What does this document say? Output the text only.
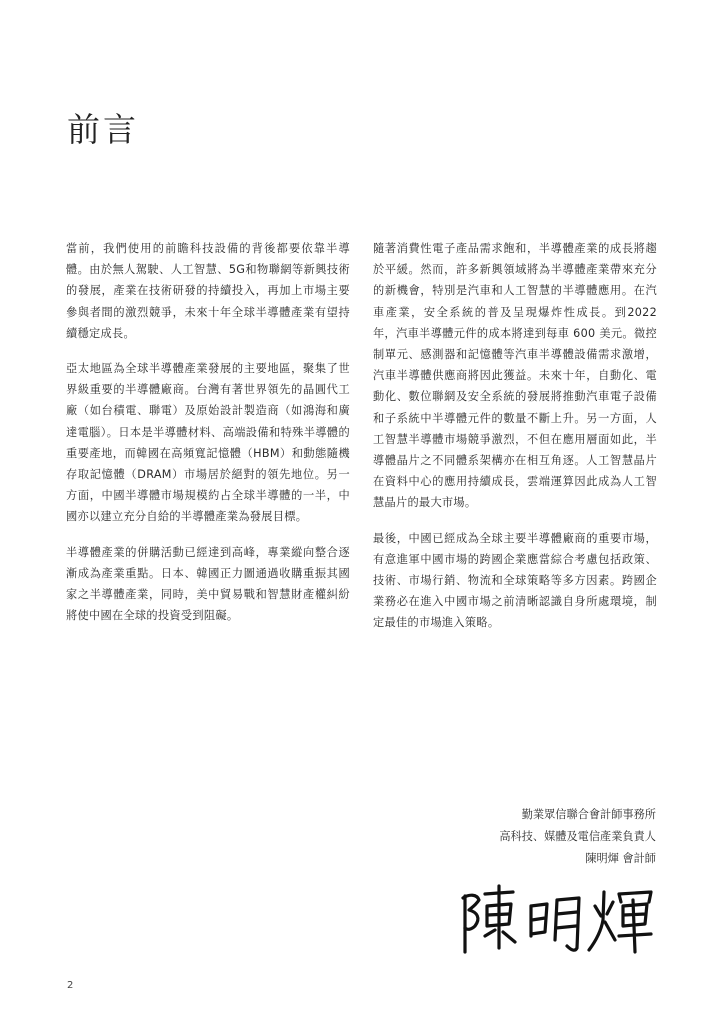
前言

當前，我們使用的前瞻科技設備的背後都要依靠半導體。由於無人駕駛、人工智慧、5G和物聯網等新興技術的發展，產業在技術研發的持續投入，再加上市場主要參與者間的激烈競爭，未來十年全球半導體產業有望持續穩定成長。

亞太地區為全球半導體產業發展的主要地區，聚集了世界級重要的半導體廠商。台灣有著世界領先的晶圓代工廠（如台積電、聯電）及原始設計製造商（如鴻海和廣達電腦）。日本是半導體材料、高端設備和特殊半導體的重要產地，而韓國在高頻寬記憶體（HBM）和動態隨機存取記憶體（DRAM）市場居於絕對的領先地位。另一方面，中國半導體市場規模約占全球半導體的一半，中國亦以建立充分自給的半導體產業為發展目標。

半導體產業的併購活動已經達到高峰，專業縱向整合逐漸成為產業重點。日本、韓國正力圖通過收購重振其國家之半導體產業，同時，美中貿易戰和智慧財產權糾紛將使中國在全球的投資受到阻礙。

隨著消費性電子產品需求飽和，半導體產業的成長將趨於平緩。然而，許多新興領域將為半導體產業帶來充分的新機會，特別是汽車和人工智慧的半導體應用。在汽車產業，安全系統的普及呈現爆炸性成長。到2022 年，汽車半導體元件的成本將達到每車 600 美元。微控制單元、感測器和記憶體等汽車半導體設備需求激增，汽車半導體供應商將因此獲益。未來十年，自動化、電動化、數位聯網及安全系統的發展將推動汽車電子設備和子系統中半導體元件的數量不斷上升。另一方面，人工智慧半導體市場競爭激烈，不但在應用層面如此，半導體晶片之不同體系架構亦在相互角逐。人工智慧晶片在資料中心的應用持續成長，雲端運算因此成為人工智慧晶片的最大市場。

最後，中國已經成為全球主要半導體廠商的重要市場，有意進軍中國市場的跨國企業應當綜合考慮包括政策、技術、市場行銷、物流和全球策略等多方因素。跨國企業務必在進入中國市場之前清晰認識自身所處環境，制定最佳的市場進入策略。

勤業眾信聯合會計師事務所
高科技、媒體及電信產業負責人
陳明煇 會計師
2
